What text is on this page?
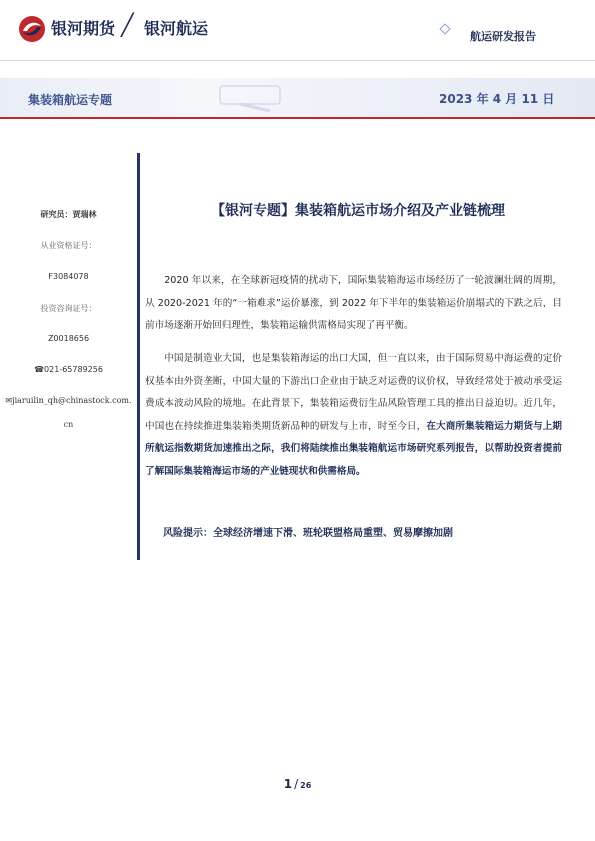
银河期货 ╱ 银河航运	航运研发报告
集装箱航运专题	2023 年 4 月 11 日
研究员：贾瑞林
从业资格证号：
F3084078
投资咨询证号：
Z0018656
☎021-65789256
✉jiaruilin_qh@chinastock.com.
cn
【银河专题】集装箱航运市场介绍及产业链梳理

2020 年以来，在全球新冠疫情的扰动下，国际集装箱海运市场经历了一轮波澜壮阔的周期，从 2020-2021 年的“一箱难求”运价暴涨，到 2022 年下半年的集装箱运价崩塌式的下跌之后，目前市场逐渐开始回归理性，集装箱运输供需格局实现了再平衡。

中国是制造业大国，也是集装箱海运的出口大国，但一直以来，由于国际贸易中海运费的定价权基本由外资垄断，中国大量的下游出口企业由于缺乏对运费的议价权，导致经常处于被动承受运费成本波动风险的境地。在此背景下，集装箱运费衍生品风险管理工具的推出日益迫切。近几年，中国也在持续推进集装箱类期货新品种的研发与上市，时至今日，在大商所集装箱运力期货与上期所航运指数期货加速推出之际，我们将陆续推出集装箱航运市场研究系列报告，以帮助投资者提前了解国际集装箱海运市场的产业链现状和供需格局。

风险提示：全球经济增速下滑、班轮联盟格局重塑、贸易摩擦加剧
1 / 26
